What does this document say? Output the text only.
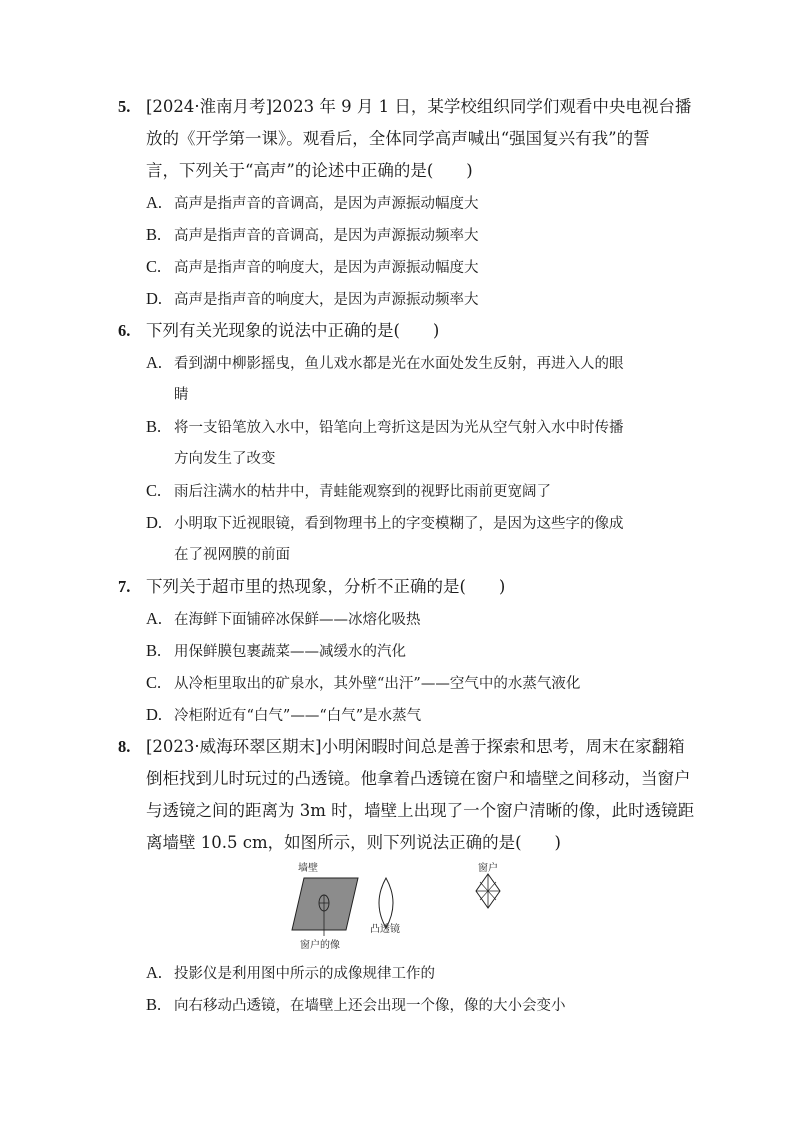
5. [2024·淮南月考]2023 年 9 月 1 日，某学校组织同学们观看中央电视台播
放的《开学第一课》。观看后，全体同学高声喊出“强国复兴有我”的誓
言，下列关于“高声”的论述中正确的是(　　)
A. 高声是指声音的音调高，是因为声源振动幅度大
B. 高声是指声音的音调高，是因为声源振动频率大
C. 高声是指声音的响度大，是因为声源振动幅度大
D. 高声是指声音的响度大，是因为声源振动频率大
6. 下列有关光现象的说法中正确的是(　　)
A. 看到湖中柳影摇曳，鱼儿戏水都是光在水面处发生反射，再进入人的眼
睛
B. 将一支铅笔放入水中，铅笔向上弯折这是因为光从空气射入水中时传播
方向发生了改变
C. 雨后注满水的枯井中，青蛙能观察到的视野比雨前更宽阔了
D. 小明取下近视眼镜，看到物理书上的字变模糊了，是因为这些字的像成
在了视网膜的前面
7. 下列关于超市里的热现象，分析不正确的是(　　)
A. 在海鲜下面铺碎冰保鲜——冰熔化吸热
B. 用保鲜膜包裹蔬菜——减缓水的汽化
C. 从冷柜里取出的矿泉水，其外壁“出汗”——空气中的水蒸气液化
D. 冷柜附近有“白气”——“白气”是水蒸气
8. [2023·威海环翠区期末]小明闲暇时间总是善于探索和思考，周末在家翻箱
倒柜找到儿时玩过的凸透镜。他拿着凸透镜在窗户和墙壁之间移动，当窗户
与透镜之间的距离为 3m 时，墙壁上出现了一个窗户清晰的像，此时透镜距
离墙壁 10.5 cm，如图所示，则下列说法正确的是(　　)
墙壁
窗户的像
凸透镜
窗户
A. 投影仪是利用图中所示的成像规律工作的
B. 向右移动凸透镜，在墙壁上还会出现一个像，像的大小会变小
